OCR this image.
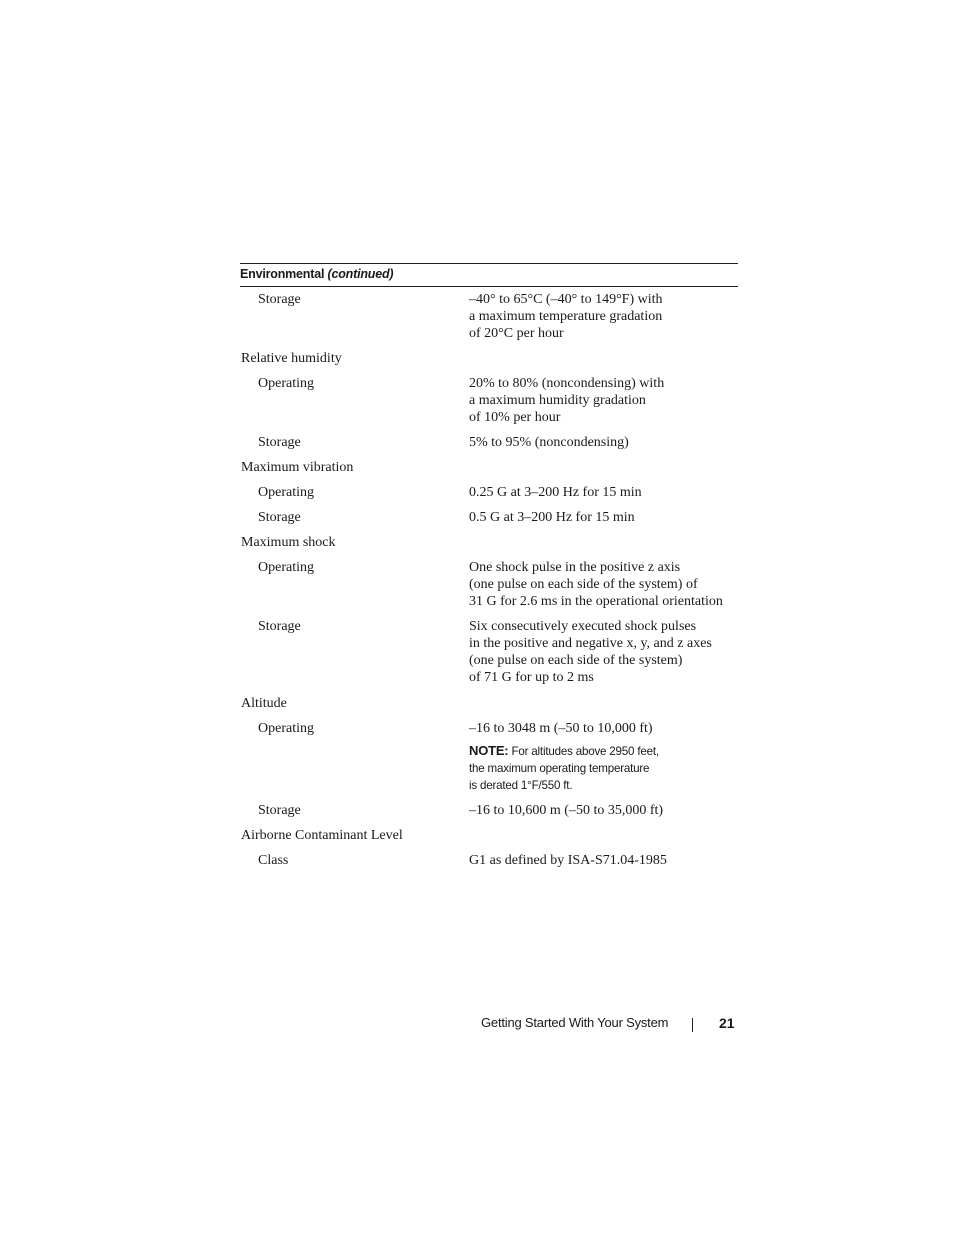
Environmental (continued)
Storage	–40° to 65°C (–40° to 149°F) with
a maximum temperature gradation
of 20°C per hour
Relative humidity
Operating	20% to 80% (noncondensing) with
a maximum humidity gradation
of 10% per hour
Storage	5% to 95% (noncondensing)
Maximum vibration
Operating	0.25 G at 3–200 Hz for 15 min
Storage	0.5 G at 3–200 Hz for 15 min
Maximum shock
Operating	One shock pulse in the positive z axis
(one pulse on each side of the system) of
31 G for 2.6 ms in the operational orientation
Storage	Six consecutively executed shock pulses
in the positive and negative x, y, and z axes
(one pulse on each side of the system)
of 71 G for up to 2 ms
Altitude
Operating	–16 to 3048 m (–50 to 10,000 ft)
NOTE: For altitudes above 2950 feet,
the maximum operating temperature
is derated 1°F/550 ft.
Storage	–16 to 10,600 m (–50 to 35,000 ft)
Airborne Contaminant Level
Class	G1 as defined by ISA-S71.04-1985
Getting Started With Your System	21
